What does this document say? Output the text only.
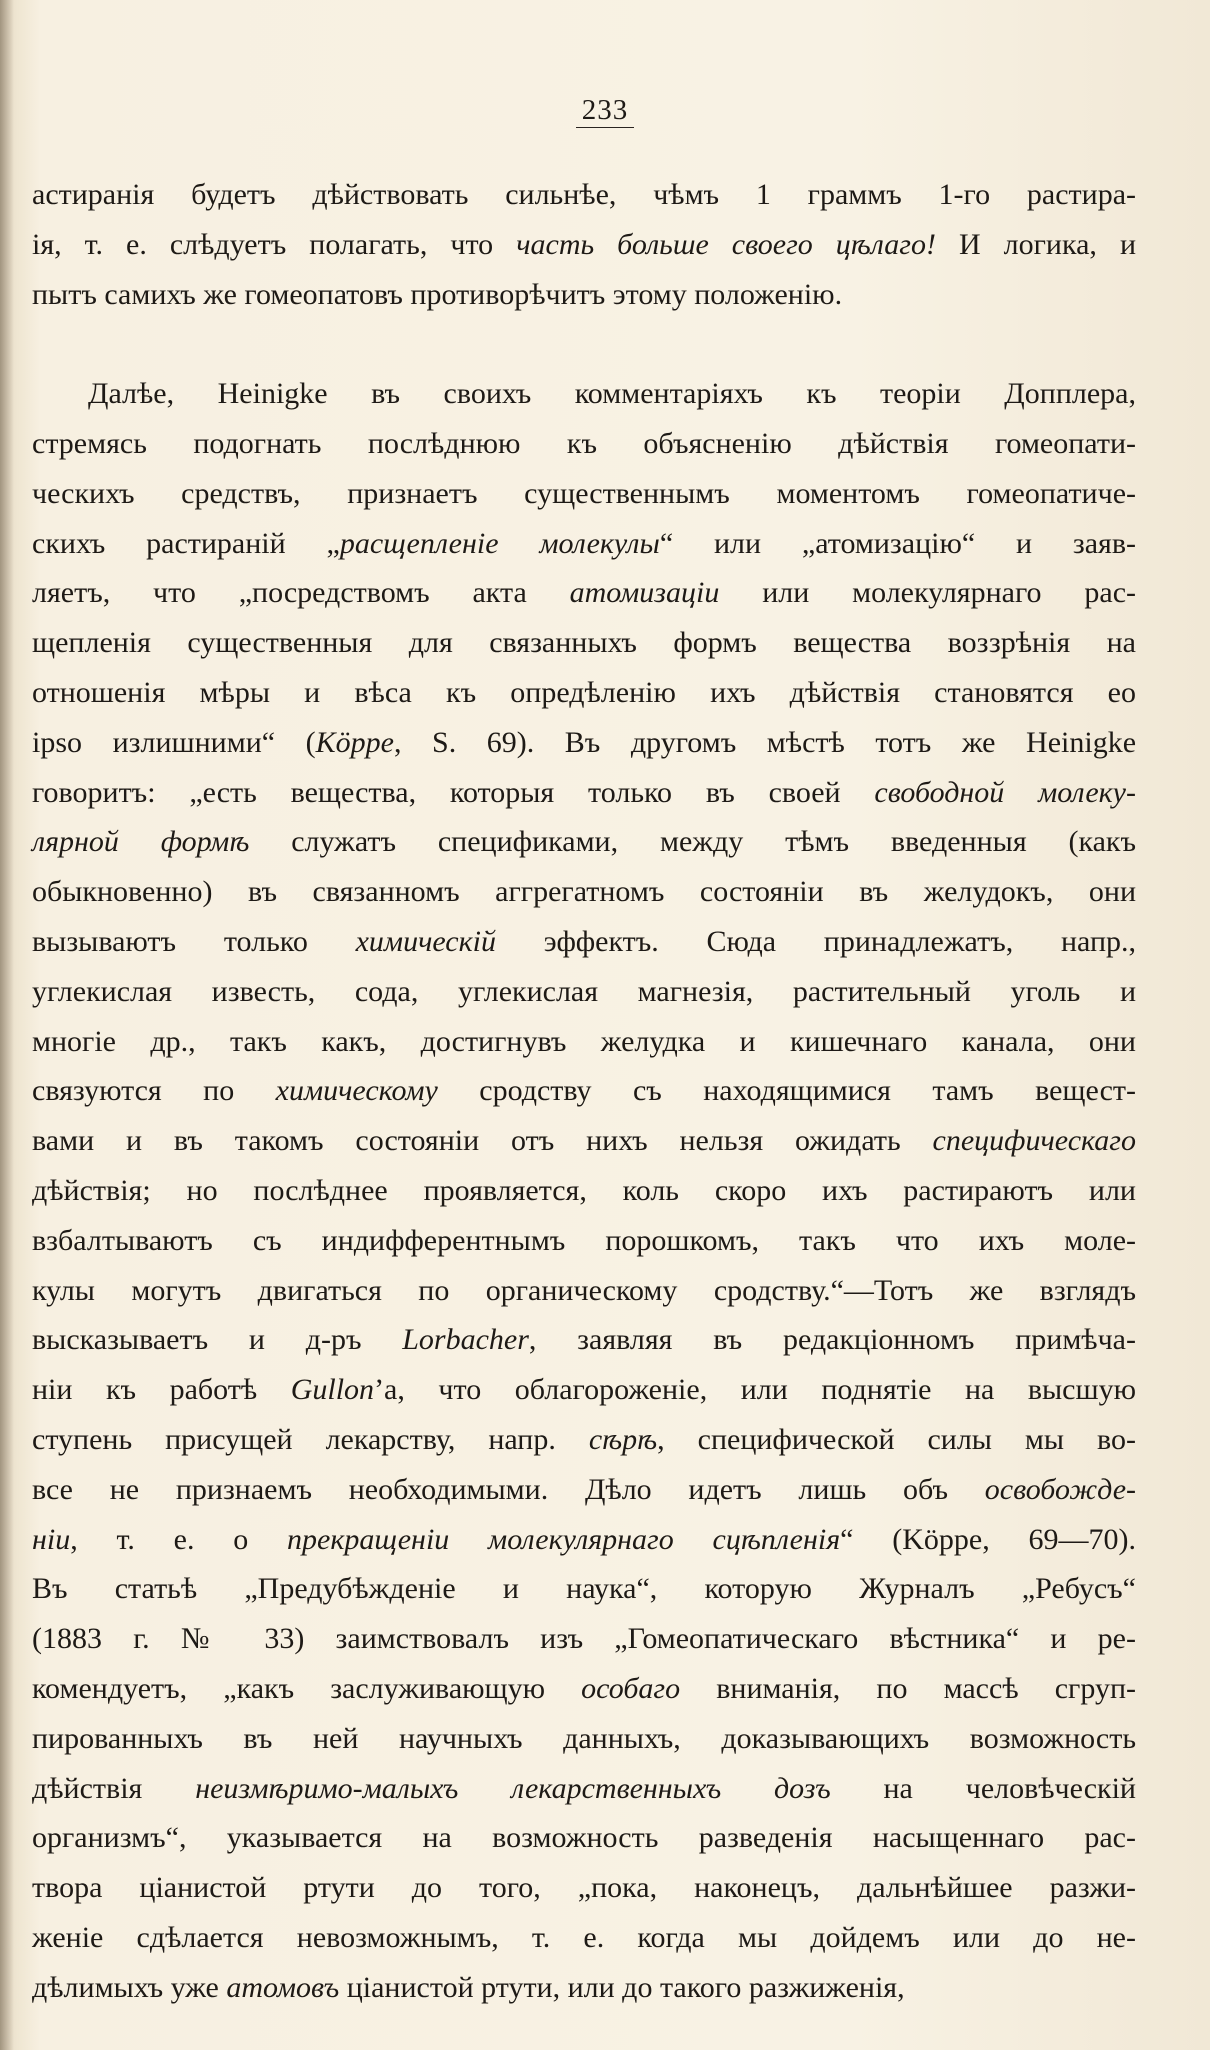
233
астиранія будетъ дѣйствовать сильнѣе, чѣмъ 1 граммъ 1-го растира-
ія, т. е. слѣдуетъ полагать, что часть больше своего цѣлаго! И логика, и
пытъ самихъ же гомеопатовъ противорѣчитъ этому положенію.
Далѣе, Heinigke въ своихъ комментаріяхъ къ теоріи Допплера,
стремясь подогнать послѣднюю къ объясненію дѣйствія гомеопати-
ческихъ средствъ, признаетъ существеннымъ моментомъ гомеопатиче-
скихъ растираній „расщепленіе молекулы“ или „атомизацію“ и заяв-
ляетъ, что „посредствомъ акта атомизаціи или молекулярнаго рас-
щепленія существенныя для связанныхъ формъ вещества воззрѣнія на
отношенія мѣры и вѣса къ опредѣленію ихъ дѣйствія становятся ео
ipso излишними“ (Köppe, S. 69). Въ другомъ мѣстѣ тотъ же Heinigke
говоритъ: „есть вещества, которыя только въ своей свободной молеку-
лярной формѣ служатъ спецификами, между тѣмъ введенныя (какъ
обыкновенно) въ связанномъ аггрегатномъ состояніи въ желудокъ, они
вызываютъ только химическій эффектъ. Сюда принадлежатъ, напр.,
углекислая известь, сода, углекислая магнезія, растительный уголь и
многіе др., такъ какъ, достигнувъ желудка и кишечнаго канала, они
связуются по химическому сродству съ находящимися тамъ вещест-
вами и въ такомъ состояніи отъ нихъ нельзя ожидать специфическаго
дѣйствія; но послѣднее проявляется, коль скоро ихъ растираютъ или
взбалтываютъ съ индифферентнымъ порошкомъ, такъ что ихъ моле-
кулы могутъ двигаться по органическому сродству.“—Тотъ же взглядъ
высказываетъ и д-ръ Lorbacher, заявляя въ редакціонномъ примѣча-
ніи къ работѣ Gullon’а, что облагороженіе, или поднятіе на высшую
ступень присущей лекарству, напр. сѣрѣ, специфической силы мы во-
все не признаемъ необходимыми. Дѣло идетъ лишь объ освобожде-
ніи, т. е. о прекращеніи молекулярнаго сцѣпленія“ (Köppe, 69—70).
Въ статьѣ „Предубѣжденіе и наука“, которую Журналъ „Ребусъ“
(1883 г. № 33) заимствовалъ изъ „Гомеопатическаго вѣстника“ и ре-
комендуетъ, „какъ заслуживающую особаго вниманія, по массѣ сгруп-
пированныхъ въ ней научныхъ данныхъ, доказывающихъ возможность
дѣйствія неизмѣримо-малыхъ лекарственныхъ дозъ на человѣческій
организмъ“, указывается на возможность разведенія насыщеннаго рас-
твора ціанистой ртути до того, „пока, наконецъ, дальнѣйшее разжи-
женіе сдѣлается невозможнымъ, т. е. когда мы дойдемъ или до не-
дѣлимыхъ уже атомовъ ціанистой ртути, или до такого разжиженія,
